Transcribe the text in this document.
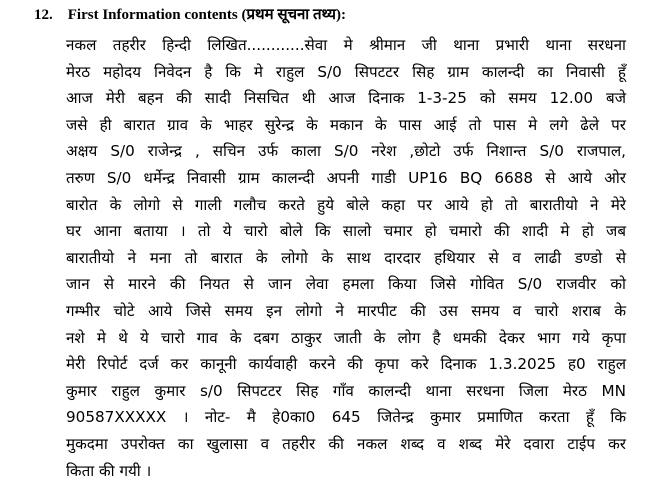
12. First Information contents (प्रथम सूचना तथ्य):
नकल तहरीर हिन्दी लिखित............सेवा मे श्रीमान जी थाना प्रभारी थाना सरधना
मेरठ महोदय निवेदन है कि मे राहुल S/0 सिपटटर सिह ग्राम कालन्दी का निवासी हूँ
आज मेरी बहन की सादी निसचित थी आज दिनाक 1-3-25 को समय 12.00 बजे
जसे ही बारात ग्राव के भाहर सुरेन्द्र के मकान के पास आई तो पास मे लगे ढेले पर
अक्षय S/0 राजेन्द्र , सचिन उर्फ काला S/0 नरेश ,छोटो उर्फ निशान्त S/0 राजपाल,
तरुण S/0 धर्मेन्द्र निवासी ग्राम कालन्दी अपनी गाडी UP16 BQ 6688 से आये ओर
बारोत के लोगो से गाली गलौच करते हुये बोले कहा पर आये हो तो बारातीयो ने मेरे
घर आना बताया । तो ये चारो बोले कि सालो चमार हो चमारो की शादी मे हो जब
बारातीयो ने मना तो बारात के लोगो के साथ दारदार हथियार से व लाढी डण्डो से
जान से मारने की नियत से जान लेवा हमला किया जिसे गोवित S/0 राजवीर को
गम्भीर चोटे आये जिसे समय इन लोगो ने मारपीट की उस समय व चारो शराब के
नशे मे थे ये चारो गाव के दबग ठाकुर जाती के लोग है धमकी देकर भाग गये कृपा
मेरी रिपोर्ट दर्ज कर कानूनी कार्यवाही करने की कृपा करे दिनाक 1.3.2025 ह0 राहुल
कुमार राहुल कुमार s/0 सिपटटर सिह गाँव कालन्दी थाना सरधना जिला मेरठ MN
90587XXXXX । नोट- मै हे0का0 645 जितेन्द्र कुमार प्रमाणित करता हूँ कि
मुकदमा उपरोक्त का खुलासा व तहरीर की नकल शब्द व शब्द मेरे दवारा टाईप कर
किता की गयी ।
